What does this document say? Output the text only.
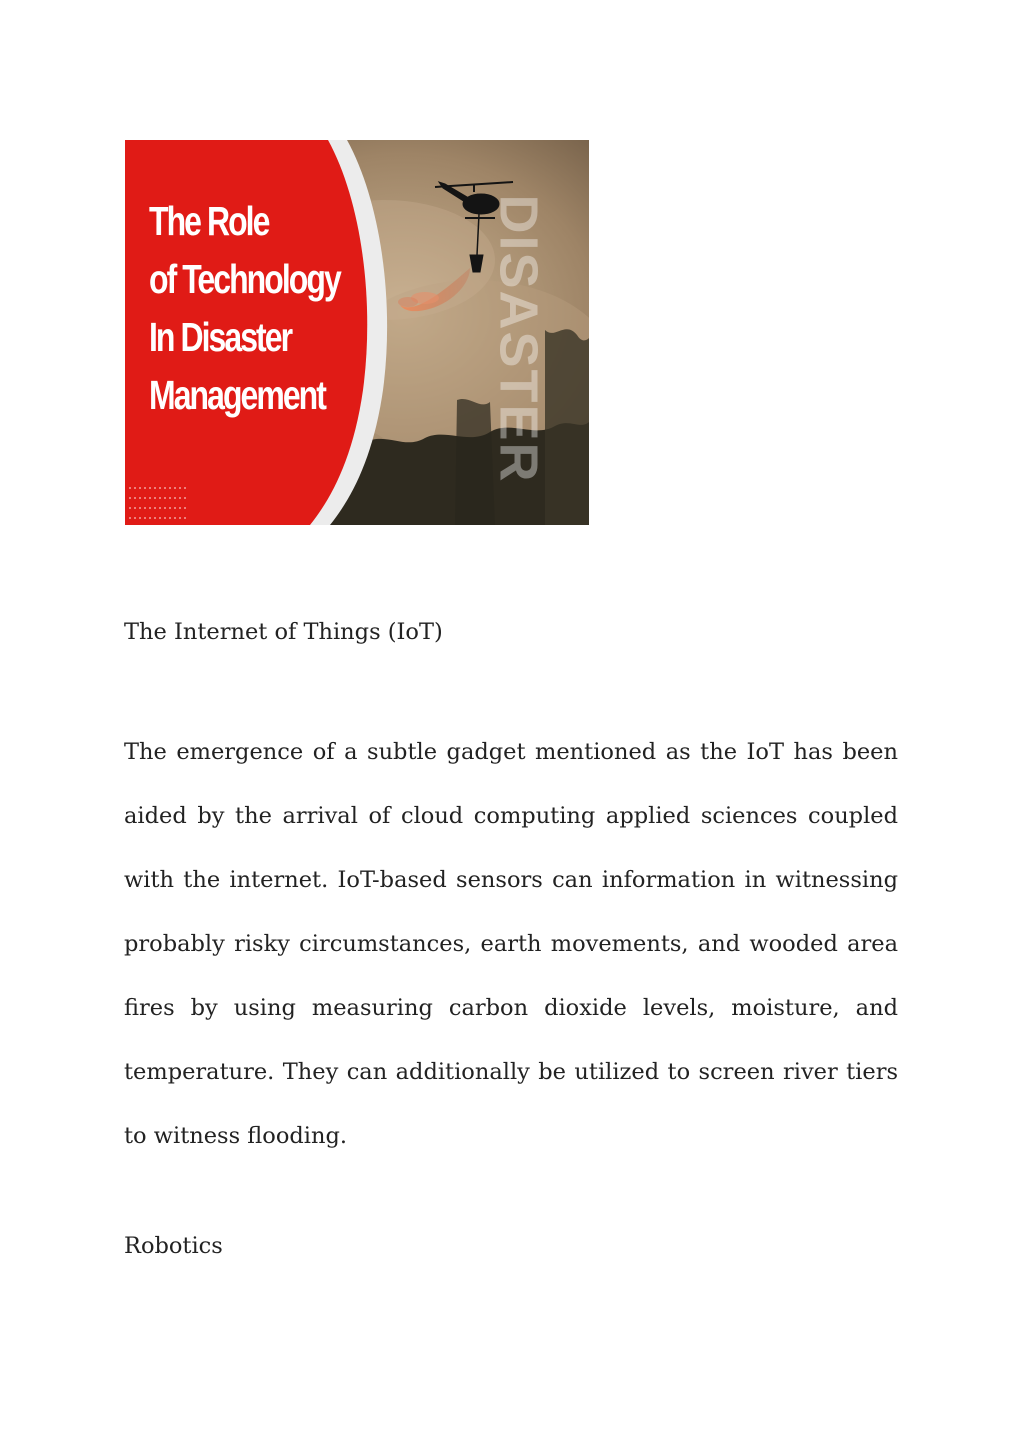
The Role
of Technology
In Disaster
Management	DISASTER
The Internet of Things (IoT)

The emergence of a subtle gadget mentioned as the IoT has been aided by the arrival of cloud computing applied sciences coupled with the internet. IoT-based sensors can information in witnessing probably risky circumstances, earth movements, and wooded area fires by using measuring carbon dioxide levels, moisture, and temperature. They can additionally be utilized to screen river tiers to witness flooding.

Robotics
